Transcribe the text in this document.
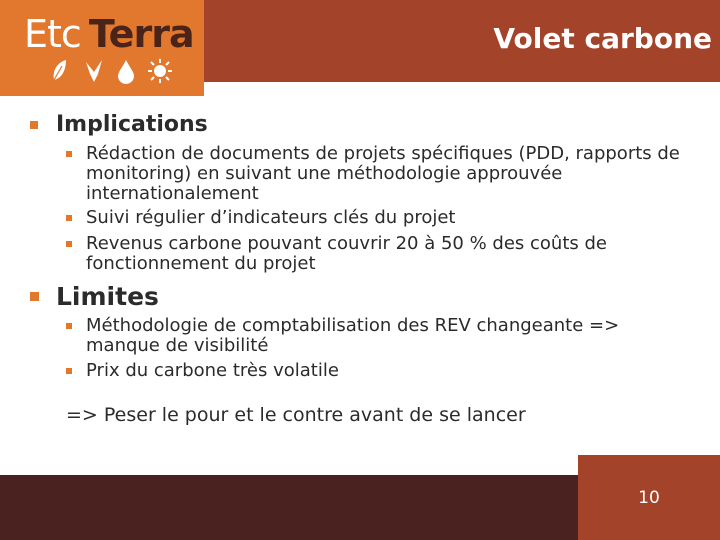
Etc Terra	Volet carbone
Implications
Rédaction de documents de projets spécifiques (PDD, rapports de monitoring) en suivant une méthodologie approuvée internationalement
Suivi régulier d’indicateurs clés du projet
Revenus carbone pouvant couvrir 20 à 50 % des coûts de fonctionnement du projet
Limites
Méthodologie de comptabilisation des REV changeante => manque de visibilité
Prix du carbone très volatile
=> Peser le pour et le contre avant de se lancer
10
